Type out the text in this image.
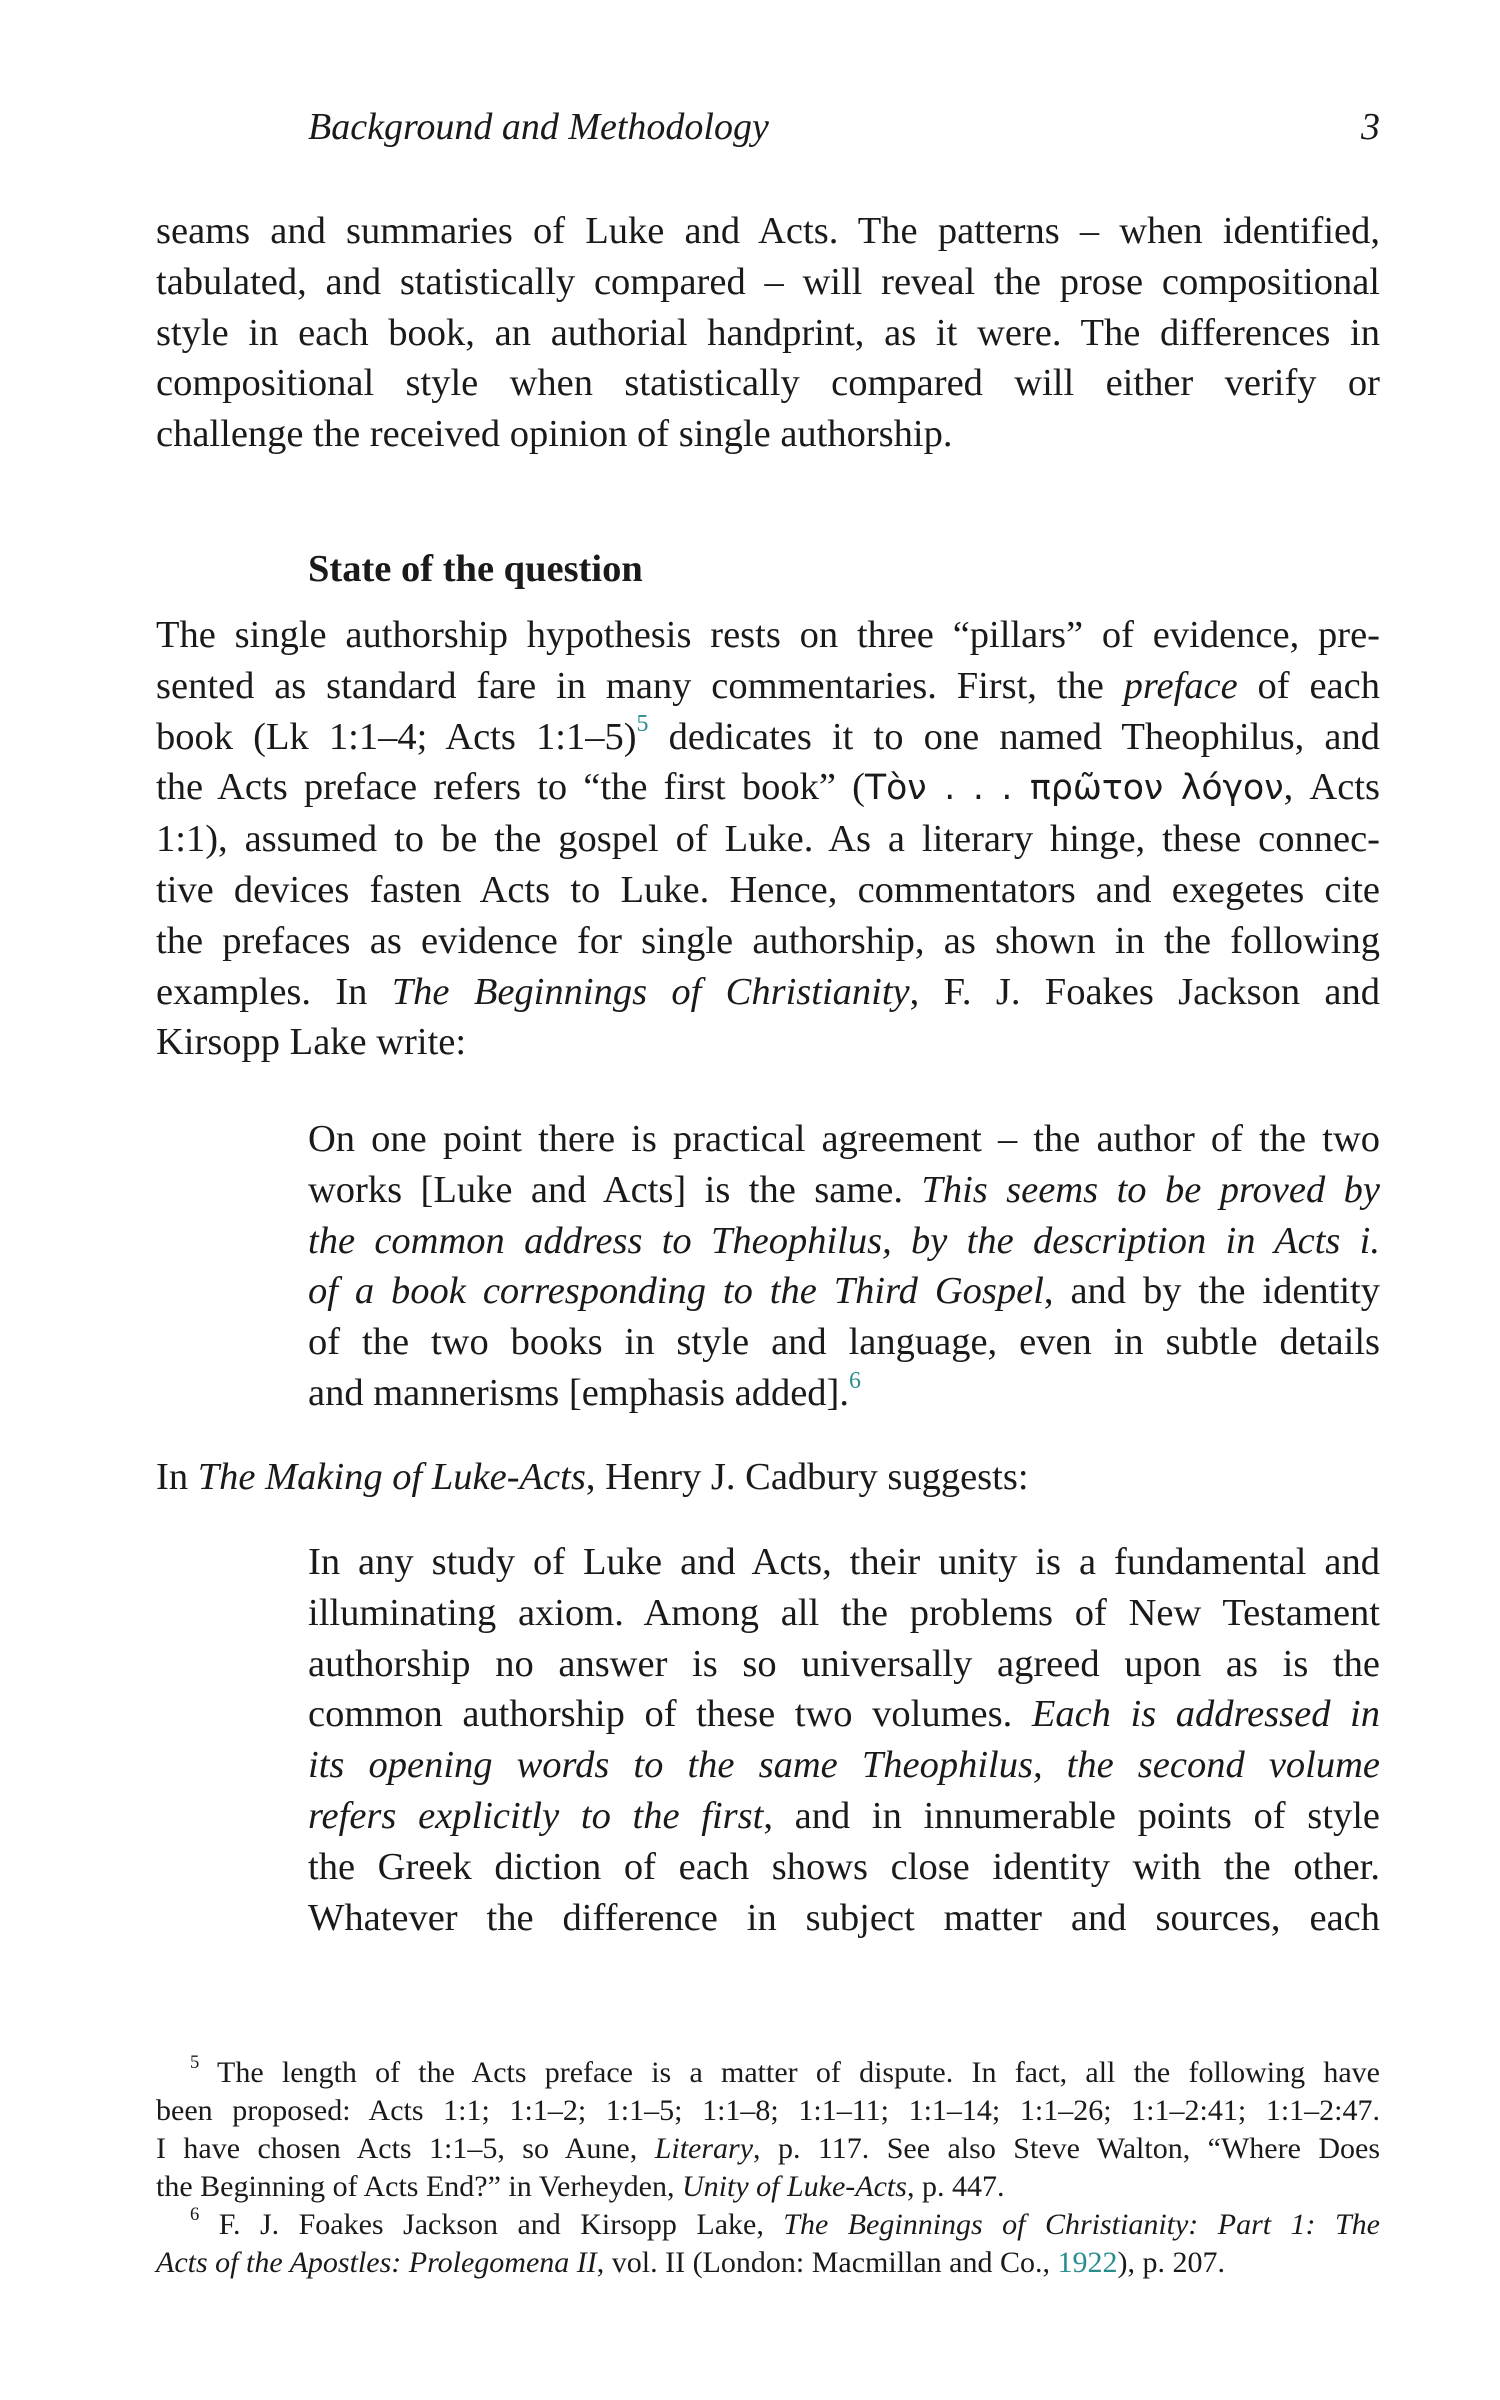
Background and Methodology	3
seams and summaries of Luke and Acts. The patterns – when identified,
tabulated, and statistically compared – will reveal the prose compositional
style in each book, an authorial handprint, as it were. The differences in
compositional style when statistically compared will either verify or
challenge the received opinion of single authorship.
State of the question
The single authorship hypothesis rests on three “pillars” of evidence, pre-
sented as standard fare in many commentaries. First, the preface of each
book (Lk 1:1–4; Acts 1:1–5)$^5$ dedicates it to one named Theophilus, and
the Acts preface refers to “the first book” (Tὸν . . . πρῶτον λόγον, Acts
1:1), assumed to be the gospel of Luke. As a literary hinge, these connec-
tive devices fasten Acts to Luke. Hence, commentators and exegetes cite
the prefaces as evidence for single authorship, as shown in the following
examples. In The Beginnings of Christianity, F. J. Foakes Jackson and
Kirsopp Lake write:
On one point there is practical agreement – the author of the two
works [Luke and Acts] is the same. This seems to be proved by
the common address to Theophilus, by the description in Acts i.
of a book corresponding to the Third Gospel, and by the identity
of the two books in style and language, even in subtle details
and mannerisms [emphasis added].$^6$
In The Making of Luke-Acts, Henry J. Cadbury suggests:
In any study of Luke and Acts, their unity is a fundamental and
illuminating axiom. Among all the problems of New Testament
authorship no answer is so universally agreed upon as is the
common authorship of these two volumes. Each is addressed in
its opening words to the same Theophilus, the second volume
refers explicitly to the first, and in innumerable points of style
the Greek diction of each shows close identity with the other.
Whatever the difference in subject matter and sources, each
$^5$ The length of the Acts preface is a matter of dispute. In fact, all the following have
been proposed: Acts 1:1; 1:1–2; 1:1–5; 1:1–8; 1:1–11; 1:1–14; 1:1–26; 1:1–2:41; 1:1–2:47.
I have chosen Acts 1:1–5, so Aune, Literary, p. 117. See also Steve Walton, “Where Does
the Beginning of Acts End?” in Verheyden, Unity of Luke-Acts, p. 447.
$^6$ F. J. Foakes Jackson and Kirsopp Lake, The Beginnings of Christianity: Part 1: The
Acts of the Apostles: Prolegomena II, vol. II (London: Macmillan and Co., 1922), p. 207.
